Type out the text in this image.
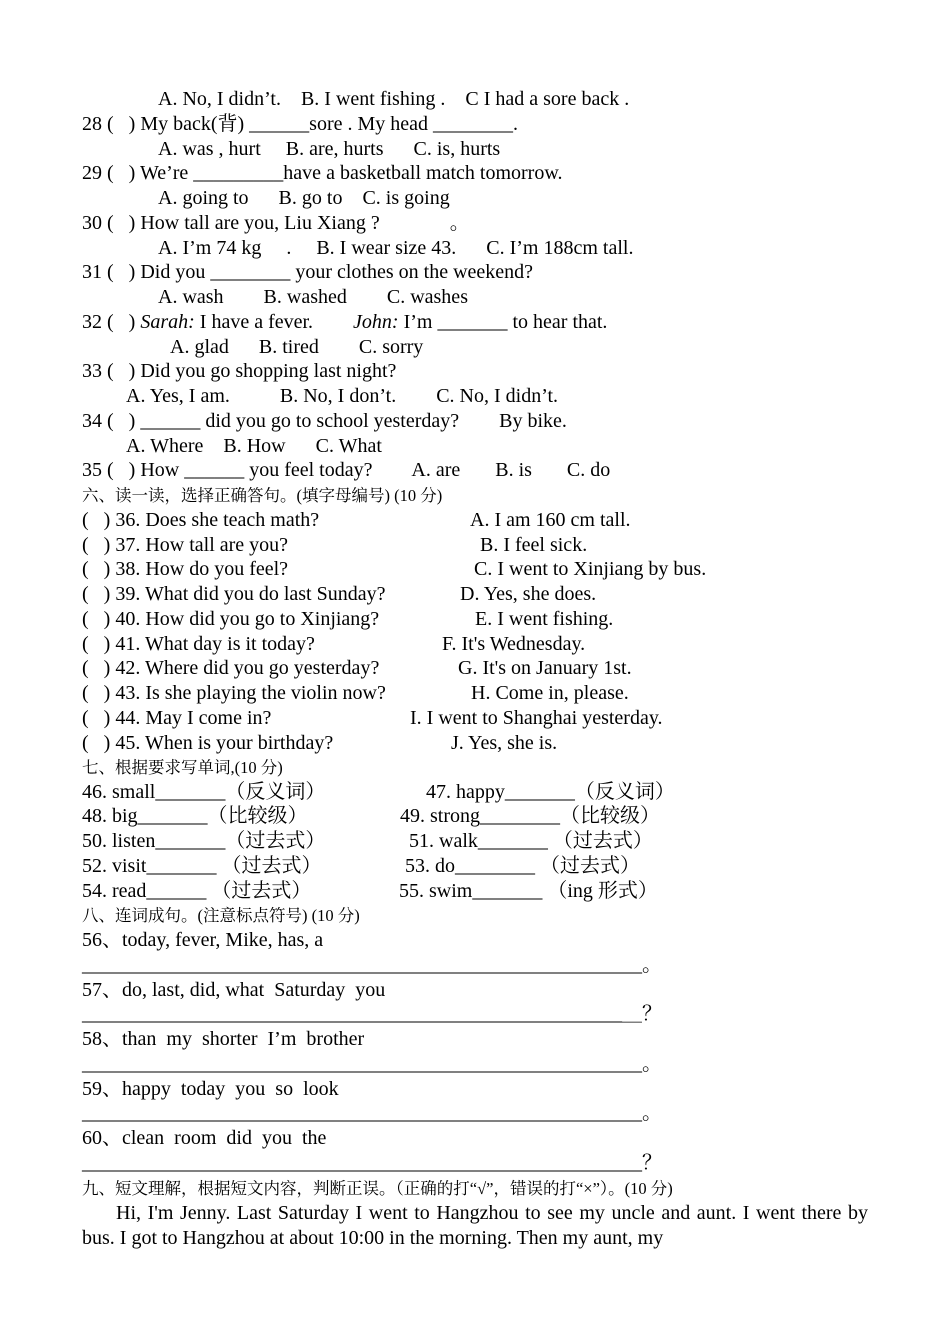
A. No, I didn’t.    B. I went fishing .    C I had a sore back .
28 (   ) My back(背) ______sore . My head ________.
A. was , hurt     B. are, hurts      C. is, hurts
29 (   ) We’re _________have a basketball match tomorrow.
A. going to      B. go to    C. is going
30 (   ) How tall are you, Liu Xiang ?              。
A. I’m 74 kg     .     B. I wear size 43.      C. I’m 188cm tall.
31 (   ) Did you ________ your clothes on the weekend?
A. wash        B. washed        C. washes
32 (   ) Sarah: I have a fever.        John: I’m _______ to hear that.
A. glad      B. tired        C. sorry
33 (   ) Did you go shopping last night?
A. Yes, I am.          B. No, I don’t.        C. No, I didn’t.
34 (   ) ______ did you go to school yesterday?        By bike.
A. Where    B. How      C. What
35 (   ) How ______ you feel today?        A. are       B. is       C. do
六、读一读，选择正确答句。(填字母编号) (10 分)
(   ) 36. Does she teach math?	A. I am 160 cm tall.
(   ) 37. How tall are you?	B. I feel sick.
(   ) 38. How do you feel?	C. I went to Xinjiang by bus.
(   ) 39. What did you do last Sunday?	D. Yes, she does.
(   ) 40. How did you go to Xinjiang?	E. I went fishing.
(   ) 41. What day is it today?	F. It's Wednesday.
(   ) 42. Where did you go yesterday?	G. It's on January 1st.
(   ) 43. Is she playing the violin now?	H. Come in, please.
(   ) 44. May I come in?	I. I went to Shanghai yesterday.
(   ) 45. When is your birthday?	J. Yes, she is.
七、根据要求写单词,(10 分)
46. small_______（反义词）	47. happy_______（反义词）
48. big_______（比较级）	49. strong________（比较级）
50. listen_______（过去式）	51. walk_______ （过去式）
52. visit_______ （过去式）	53. do________ （过去式）
54. read______ （过去式）	55. swim_______ （ing 形式）
八、连词成句。(注意标点符号) (10 分)
56、today, fever, Mike, has, a
________________________________________________________。
57、do, last, did, what  Saturday  you
______________________________________________________＿？
58、than  my  shorter  I’m  brother
________________________________________________________。
59、happy  today  you  so  look
________________________________________________________。
60、clean  room  did  you  the
________________________________________________________？
九、短文理解，根据短文内容，判断正误。（正确的打“√”，错误的打“×”）。(10 分)
Hi, I'm Jenny. Last Saturday I went to Hangzhou to see my uncle and aunt. I went there by bus. I got to Hangzhou at about 10:00 in the morning. Then my aunt, my
